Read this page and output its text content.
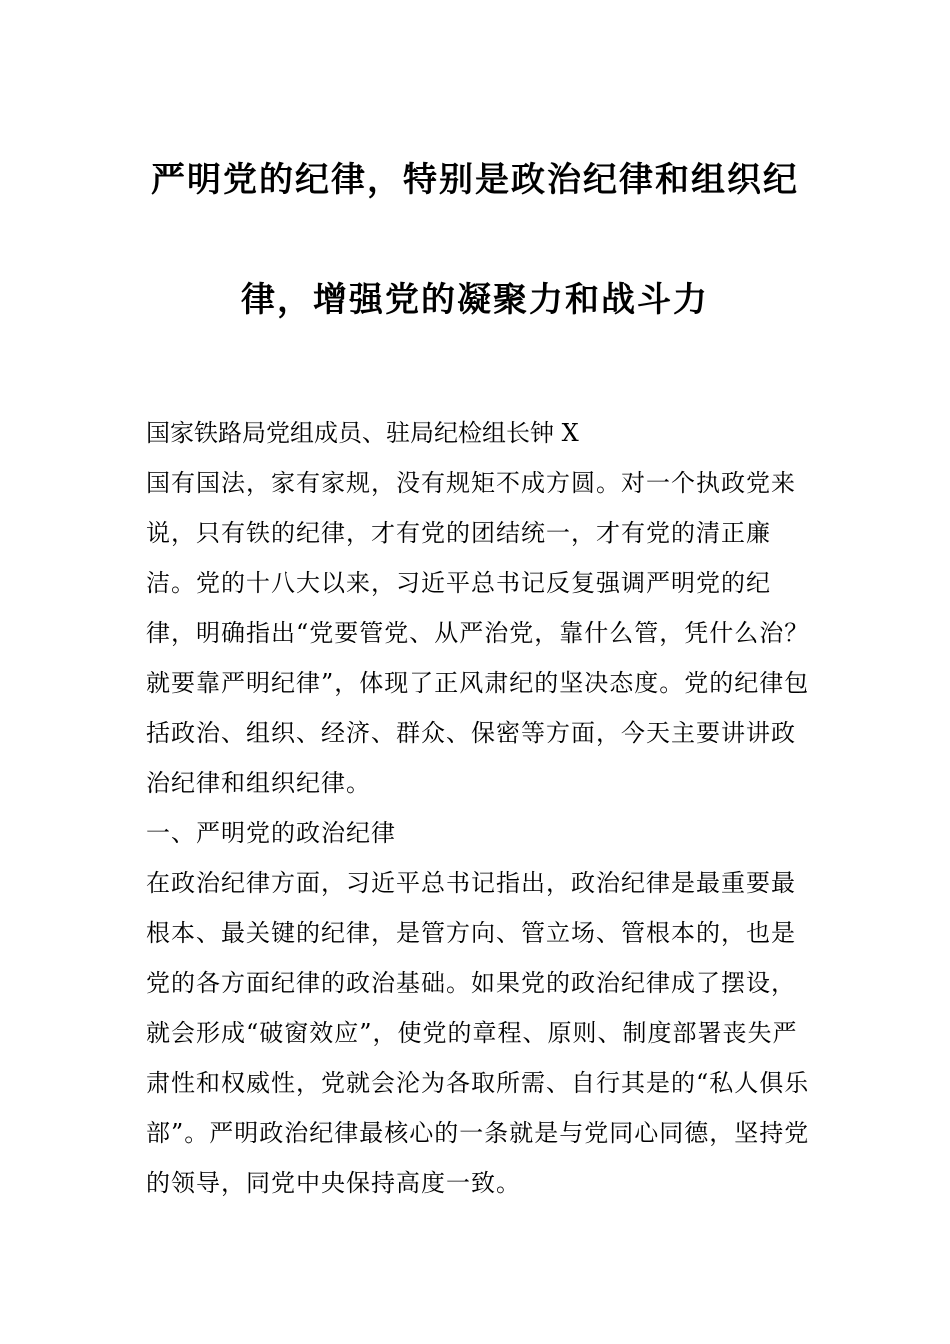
严明党的纪律，特别是政治纪律和组织纪
律，增强党的凝聚力和战斗力

国家铁路局党组成员、驻局纪检组长钟 X

国有国法，家有家规，没有规矩不成方圆。对一个执政党来说，只有铁的纪律，才有党的团结统一，才有党的清正廉洁。党的十八大以来，习近平总书记反复强调严明党的纪律，明确指出“党要管党、从严治党，靠什么管，凭什么治？就要靠严明纪律”，体现了正风肃纪的坚决态度。党的纪律包括政治、组织、经济、群众、保密等方面，今天主要讲讲政治纪律和组织纪律。

一、严明党的政治纪律

在政治纪律方面，习近平总书记指出，政治纪律是最重要最根本、最关键的纪律，是管方向、管立场、管根本的，也是党的各方面纪律的政治基础。如果党的政治纪律成了摆设，就会形成“破窗效应”，使党的章程、原则、制度部署丧失严肃性和权威性，党就会沦为各取所需、自行其是的“私人俱乐部”。严明政治纪律最核心的一条就是与党同心同德，坚持党的领导，同党中央保持高度一致。
